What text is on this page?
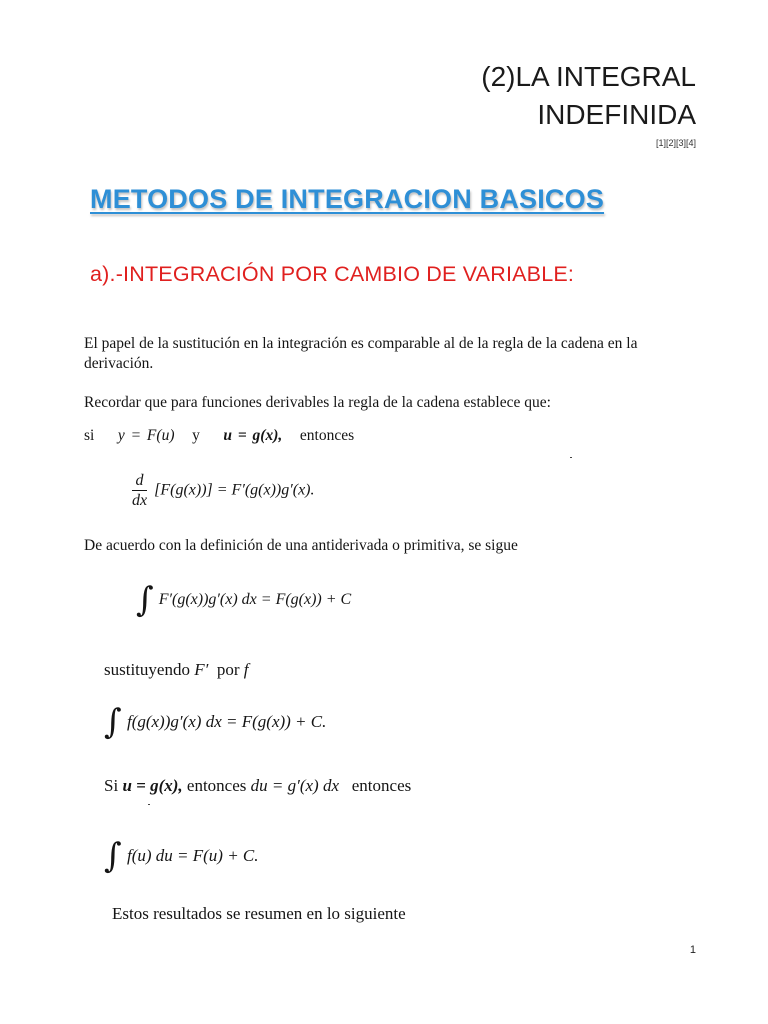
(2)LA INTEGRAL
INDEFINIDA
[1][2][3][4]
METODOS DE INTEGRACION BASICOS
a).-INTEGRACIÓN POR CAMBIO DE VARIABLE:
El papel de la sustitución en la integración es comparable al de la regla de la cadena en la derivación.
Recordar que para funciones derivables la regla de la cadena establece que:
si y = F(u) y u = g(x), entonces
$\frac{d}{dx} [F(g(x))] = F'(g(x))g'(x)$.
De acuerdo con la definición de una antiderivada o primitiva, se sigue
∫ F′(g(x))g′(x) dx = F(g(x)) + C
sustituyendo F′ por f
∫ f(g(x))g′(x) dx = F(g(x)) + C.
Si u = g(x), entonces du = g′(x) dx entonces
∫ f(u) du = F(u) + C.
Estos resultados se resumen en lo siguiente
1
